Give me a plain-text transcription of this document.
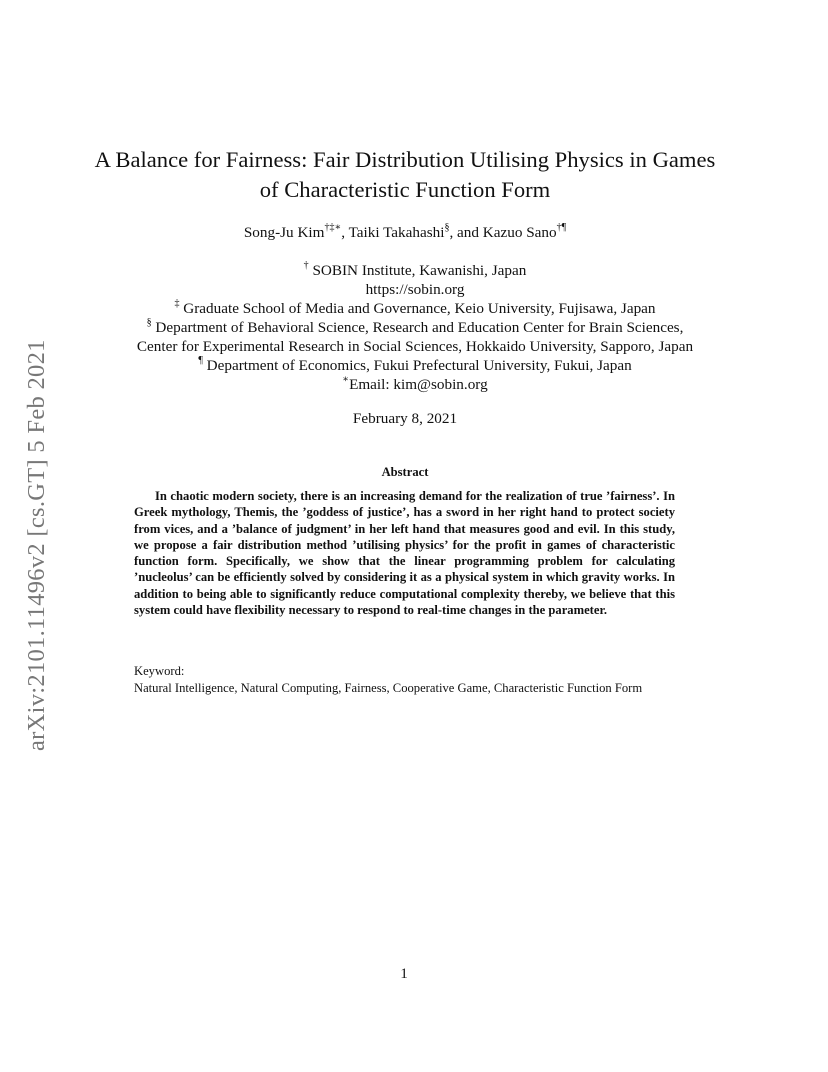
arXiv:2101.11496v2 [cs.GT] 5 Feb 2021
A Balance for Fairness: Fair Distribution Utilising Physics in Games of Characteristic Function Form
Song-Ju Kim†‡∗, Taiki Takahashi§, and Kazuo Sano†¶
† SOBIN Institute, Kawanishi, Japan
https://sobin.org
‡ Graduate School of Media and Governance, Keio University, Fujisawa, Japan
§ Department of Behavioral Science, Research and Education Center for Brain Sciences,
Center for Experimental Research in Social Sciences, Hokkaido University, Sapporo, Japan
¶ Department of Economics, Fukui Prefectural University, Fukui, Japan
∗Email: kim@sobin.org
February 8, 2021
Abstract

In chaotic modern society, there is an increasing demand for the realization of true ’fairness’. In Greek mythology, Themis, the ’goddess of justice’, has a sword in her right hand to protect society from vices, and a ’balance of judgment’ in her left hand that measures good and evil. In this study, we propose a fair distribution method ’utilising physics’ for the profit in games of characteristic function form. Specifically, we show that the linear programming problem for calculating ’nucleolus’ can be efficiently solved by considering it as a physical system in which gravity works. In addition to being able to significantly reduce computational complexity thereby, we believe that this system could have flexibility necessary to respond to real-time changes in the parameter.

Keyword:

Natural Intelligence, Natural Computing, Fairness, Cooperative Game, Characteristic Function Form

1
